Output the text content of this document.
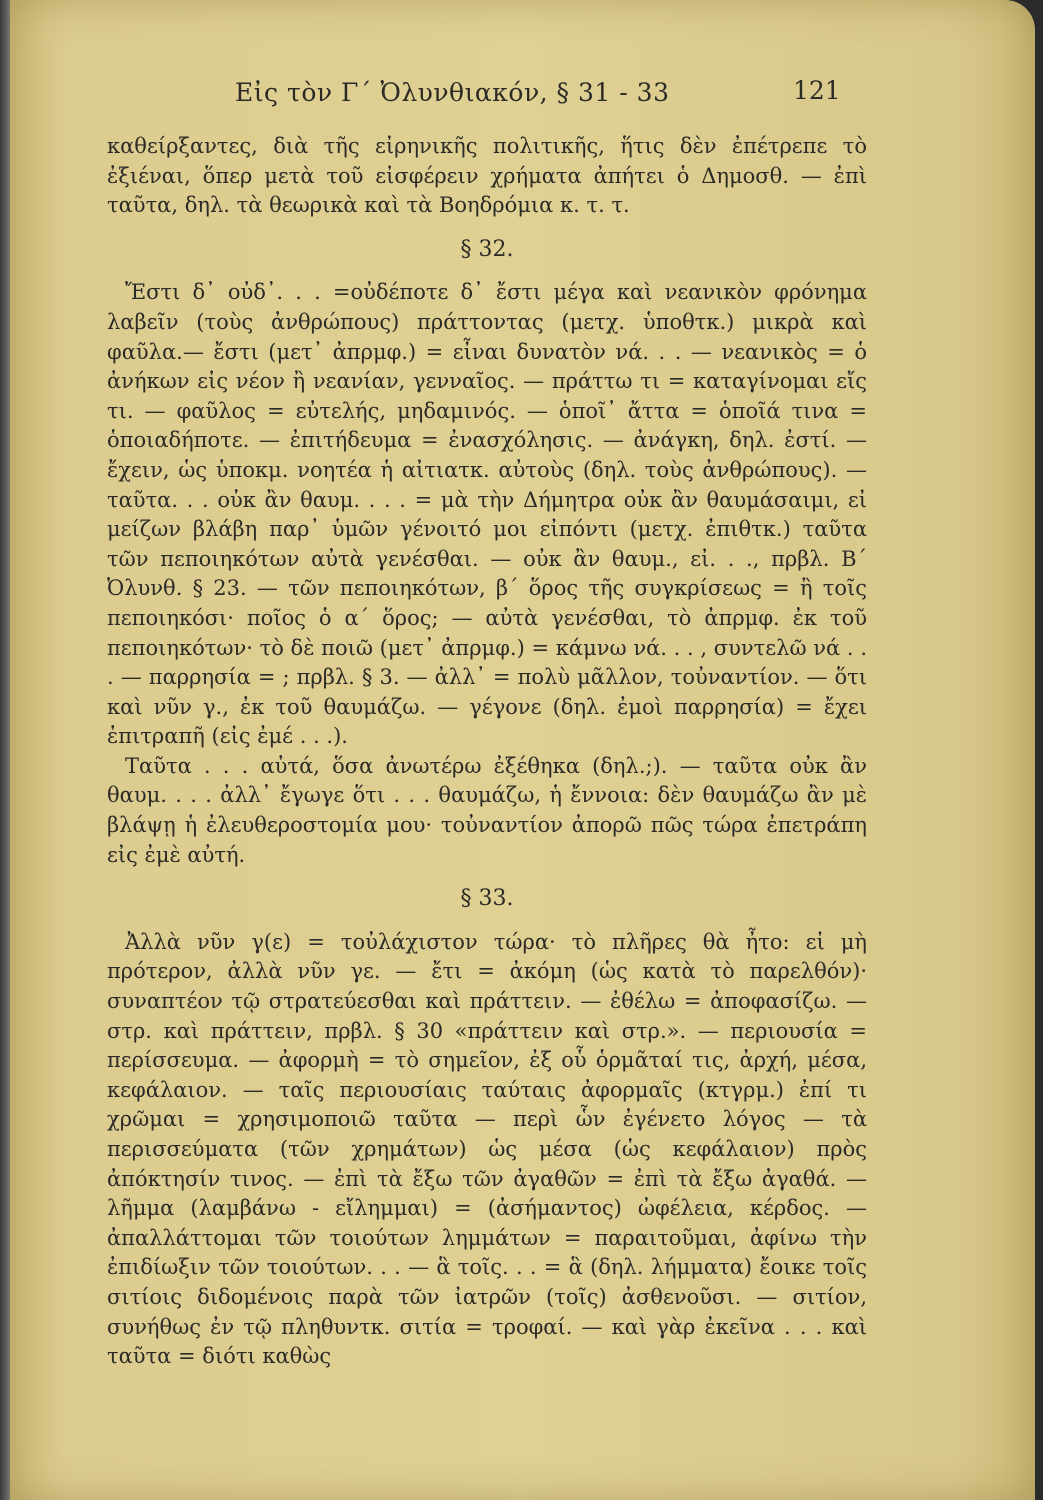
Εἰς τὸν Γ΄ Ὀλυνθιακόν, § 31 - 33	121

καθείρξαντες, διὰ τῆς εἰρηνικῆς πολιτικῆς, ἥτις δὲν ἐπέτρεπε τὸ ἐξιέναι, ὅπερ μετὰ τοῦ εἰσφέρειν χρήματα ἀπήτει ὁ Δημοσθ. — ἐπὶ ταῦτα, δηλ. τὰ θεωρικὰ καὶ τὰ Βοηδρόμια κ. τ. τ.

§ 32.

Ἔστι δ᾿ οὐδ᾿. . . =οὐδέποτε δ᾿ ἔστι μέγα καὶ νεανικὸν φρόνημα λαβεῖν (τοὺς ἀνθρώπους) πράττοντας (μετχ. ὑποθτκ.) μικρὰ καὶ φαῦλα.— ἔστι (μετ᾿ ἀπρμφ.) = εἶναι δυνατὸν νά. . . — νεανικὸς = ὁ ἀνήκων εἰς νέον ἢ νεανίαν, γενναῖος. — πράττω τι = καταγίνομαι εἴς τι. — φαῦλος = εὐτελής, μηδαμινός. — ὁποῖ᾿ ἄττα = ὁποῖά τινα = ὁποιαδήποτε. — ἐπιτήδευμα = ἐνασχόλησις. — ἀνάγκη, δηλ. ἐστί. — ἔχειν, ὡς ὑποκμ. νοητέα ἡ αἰτιατκ. αὐτοὺς (δηλ. τοὺς ἀνθρώπους). — ταῦτα. . . οὐκ ἂν θαυμ. . . . = μὰ τὴν Δήμητρα οὐκ ἂν θαυμάσαιμι, εἰ μείζων βλάβη παρ᾿ ὑμῶν γένοιτό μοι εἰπόντι (μετχ. ἐπιθτκ.) ταῦτα τῶν πεποιηκότων αὐτὰ γενέσθαι. — οὐκ ἂν θαυμ., εἰ. . ., πρβλ. Β΄ Ὀλυνθ. § 23. — τῶν πεποιηκότων, β΄ ὅρος τῆς συγκρίσεως = ἢ τοῖς πεποιηκόσι· ποῖος ὁ α΄ ὅρος; — αὐτὰ γενέσθαι, τὸ ἀπρμφ. ἐκ τοῦ πεποιηκότων· τὸ δὲ ποιῶ (μετ᾿ ἀπρμφ.) = κάμνω νά. . . , συντελῶ νά . . . — παρρησία = ; πρβλ. § 3. — ἀλλ᾿ = πολὺ μᾶλλον, τοὐναντίον. — ὅτι καὶ νῦν γ., ἐκ τοῦ θαυμάζω. — γέγονε (δηλ. ἐμοὶ παρρησία) = ἔχει ἐπιτραπῆ (εἰς ἐμέ . . .).

Ταῦτα . . . αὐτά, ὅσα ἀνωτέρω ἐξέθηκα (δηλ.;). — ταῦτα οὐκ ἂν θαυμ. . . . ἀλλ᾿ ἔγωγε ὅτι . . . θαυμάζω, ἡ ἔννοια: δὲν θαυμάζω ἂν μὲ βλάψῃ ἡ ἐλευθεροστομία μου· τοὐναντίον ἀπορῶ πῶς τώρα ἐπετράπη εἰς ἐμὲ αὐτή.

§ 33.

Ἀλλὰ νῦν γ(ε) = τοὐλάχιστον τώρα· τὸ πλῆρες θὰ ἦτο: εἰ μὴ πρότερον, ἀλλὰ νῦν γε. — ἔτι = ἀκόμη (ὡς κατὰ τὸ παρελθόν)· συναπτέον τῷ στρατεύεσθαι καὶ πράττειν. — ἐθέλω = ἀποφασίζω. — στρ. καὶ πράττειν, πρβλ. § 30 «πράττειν καὶ στρ.». — περιουσία = περίσσευμα. — ἀφορμὴ = τὸ σημεῖον, ἐξ οὗ ὁρμᾶταί τις, ἀρχή, μέσα, κεφάλαιον. — ταῖς περιουσίαις ταύταις ἀφορμαῖς (κτγρμ.) ἐπί τι χρῶμαι = χρησιμοποιῶ ταῦτα — περὶ ὧν ἐγένετο λόγος — τὰ περισσεύματα (τῶν χρημάτων) ὡς μέσα (ὡς κεφάλαιον) πρὸς ἀπόκτησίν τινος. — ἐπὶ τὰ ἔξω τῶν ἀγαθῶν = ἐπὶ τὰ ἔξω ἀγαθά. — λῆμμα (λαμβάνω - εἴλημμαι) = (ἀσήμαντος) ὠφέλεια, κέρδος. — ἀπαλλάττομαι τῶν τοιούτων λημμάτων = παραιτοῦμαι, ἀφίνω τὴν ἐπιδίωξιν τῶν τοιούτων. . . — ἃ τοῖς. . . = ἃ (δηλ. λήμματα) ἔοικε τοῖς σιτίοις διδομένοις παρὰ τῶν ἰατρῶν (τοῖς) ἀσθενοῦσι. — σιτίον, συνήθως ἐν τῷ πληθυντκ. σιτία = τροφαί. — καὶ γὰρ ἐκεῖνα . . . καὶ ταῦτα = διότι καθὼς
